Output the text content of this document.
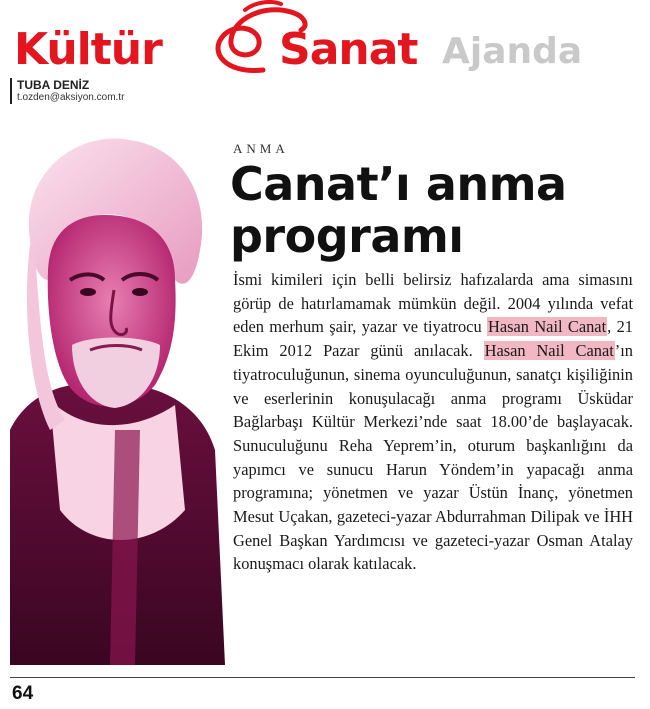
Kültür	Sanat Ajanda
TUBA DENİZ
t.ozden@aksiyon.com.tr
ANMA
Canat’ı anma programı

İsmi kimileri için belli belirsiz hafızalarda ama simasını görüp de hatırlamamak mümkün değil. 2004 yılında vefat eden merhum şair, yazar ve tiyatrocu Hasan Nail Canat, 21 Ekim 2012 Pazar günü anılacak. Hasan Nail Canat’ın tiyatroculuğunun, sinema oyunculuğunun, sanatçı kişiliğinin ve eserlerinin konuşulacağı anma programı Üsküdar Bağlarbaşı Kültür Merkezi’nde saat 18.00’de başlayacak. Sunuculuğunu Reha Yeprem’in, oturum başkanlığını da yapımcı ve sunucu Harun Yöndem’in yapacağı anma programına; yönetmen ve yazar Üstün İnanç, yönetmen Mesut Uçakan, gazeteci-yazar Abdurrahman Dilipak ve İHH Genel Başkan Yardımcısı ve gazeteci-yazar Osman Atalay konuşmacı olarak katılacak.

64
